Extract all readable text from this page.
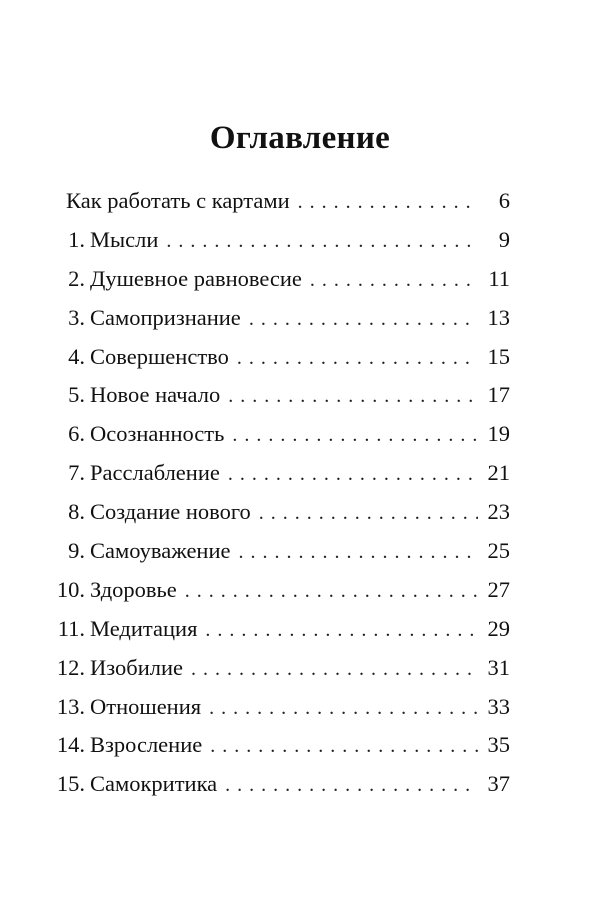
Оглавление
Как работать с картами . . .	6
1. Мысли . . .	9
2. Душевное равновесие . . .	11
3. Самопризнание . . .	13
4. Совершенство . . .	15
5. Новое начало . . .	17
6. Осознанность . . .	19
7. Расслабление . . .	21
8. Создание нового . . .	23
9. Самоуважение . . .	25
10. Здоровье . . .	27
11. Медитация . . .	29
12. Изобилие . . .	31
13. Отношения . . .	33
14. Взросление . . .	35
15. Самокритика . . .	37
